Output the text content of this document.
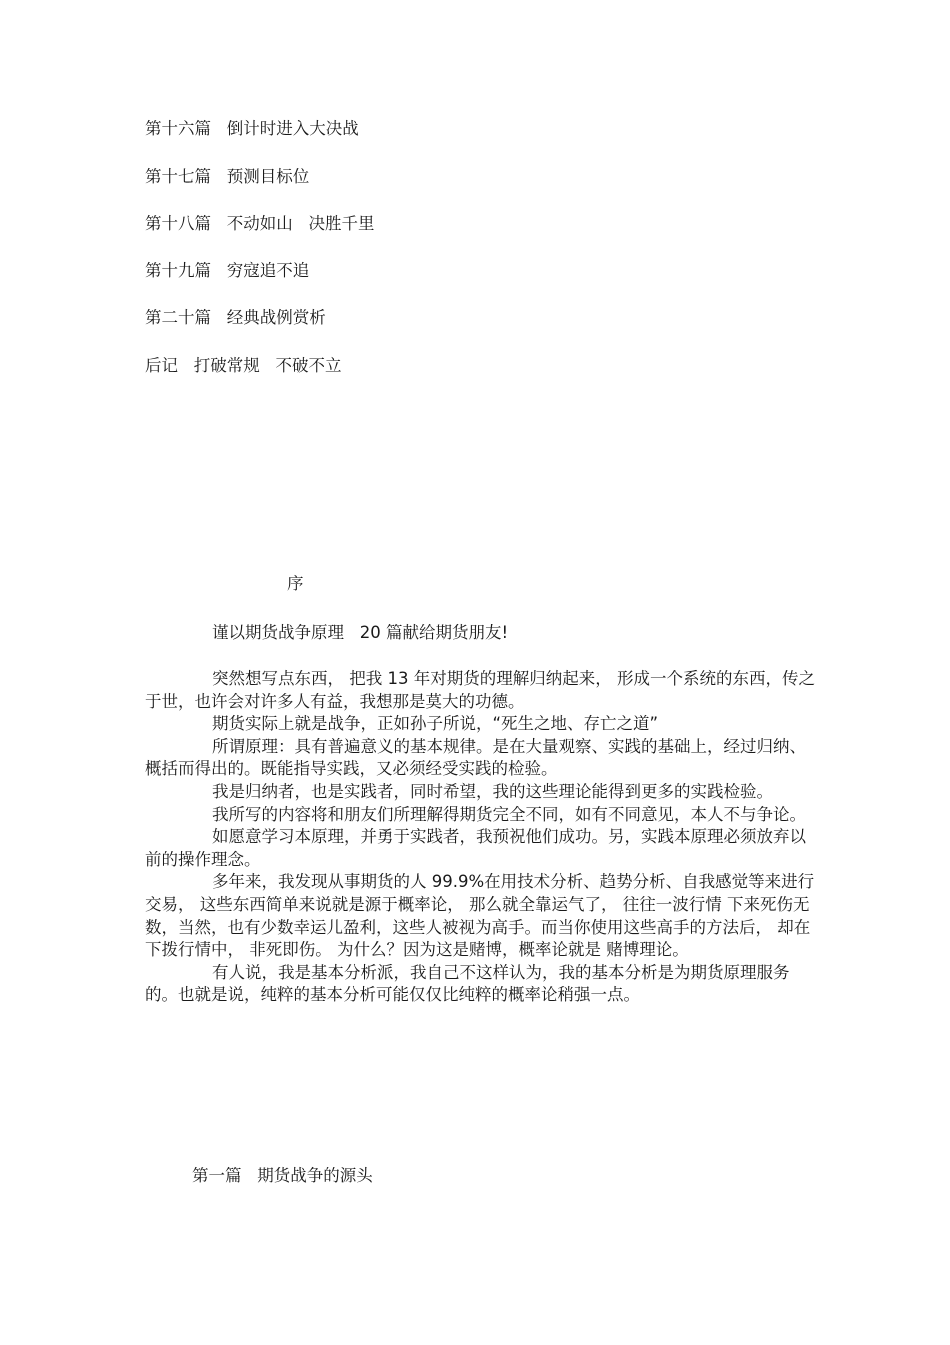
第十六篇   倒计时进入大决战
第十七篇   预测目标位
第十八篇   不动如山   决胜千里
第十九篇   穷寇追不追
第二十篇   经典战例赏析
后记   打破常规   不破不立
序
谨以期货战争原理   20 篇献给期货朋友!

突然想写点东西， 把我 13 年对期货的理解归纳起来， 形成一个系统的东西，传之于世，也许会对许多人有益，我想那是莫大的功德。

期货实际上就是战争，正如孙子所说，“死生之地、存亡之道”

所谓原理：具有普遍意义的基本规律。是在大量观察、实践的基础上，经过归纳、概括而得出的。既能指导实践，又必须经受实践的检验。

我是归纳者，也是实践者，同时希望，我的这些理论能得到更多的实践检验。

我所写的内容将和朋友们所理解得期货完全不同，如有不同意见，本人不与争论。

如愿意学习本原理，并勇于实践者，我预祝他们成功。另，实践本原理必须放弃以前的操作理念。

多年来，我发现从事期货的人 99.9%在用技术分析、趋势分析、自我感觉等来进行交易， 这些东西简单来说就是源于概率论， 那么就全靠运气了， 往往一波行情 下来死伤无数，当然，也有少数幸运儿盈利，这些人被视为高手。而当你使用这些高手的方法后， 却在下拨行情中， 非死即伤。 为什么？因为这是赌博，概率论就是 赌博理论。

有人说，我是基本分析派，我自己不这样认为，我的基本分析是为期货原理服务的。也就是说，纯粹的基本分析可能仅仅比纯粹的概率论稍强一点。

第一篇   期货战争的源头
